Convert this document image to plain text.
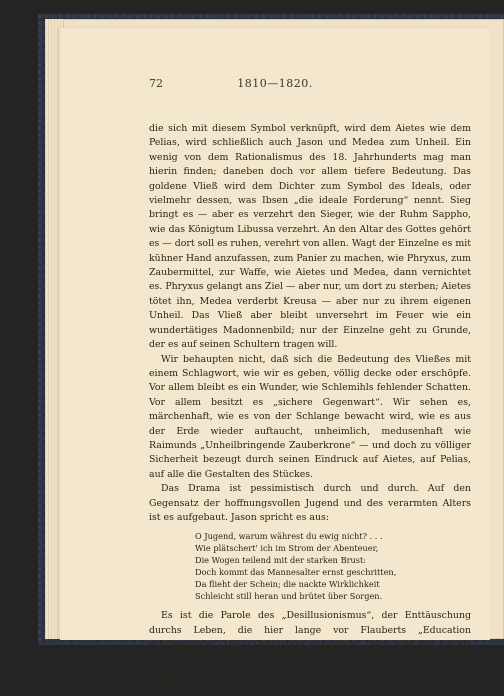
72	1810—1820.

die sich mit diesem Symbol verknüpft, wird dem Aietes wie dem Pelias, wird schließlich auch Jason und Medea zum Unheil. Ein wenig von dem Rationalismus des 18. Jahrhunderts mag man hierin finden; daneben doch vor allem tiefere Bedeutung. Das goldene Vließ wird dem Dichter zum Symbol des Ideals, oder vielmehr dessen, was Ibsen „die ideale Forderung“ nennt. Sieg bringt es — aber es verzehrt den Sieger, wie der Ruhm Sappho, wie das Königtum Libussa verzehrt. An den Altar des Gottes gehört es — dort soll es ruhen, verehrt von allen. Wagt der Einzelne es mit kühner Hand anzufassen, zum Panier zu machen, wie Phryxus, zum Zaubermittel, zur Waffe, wie Aietes und Medea, dann vernichtet es. Phryxus gelangt ans Ziel — aber nur, um dort zu sterben; Aietes tötet ihn, Medea verderbt Kreusa — aber nur zu ihrem eigenen Unheil. Das Vließ aber bleibt unversehrt im Feuer wie ein wundertätiges Madonnenbild; nur der Einzelne geht zu Grunde, der es auf seinen Schultern tragen will.

Wir behaupten nicht, daß sich die Bedeutung des Vließes mit einem Schlagwort, wie wir es geben, völlig decke oder erschöpfe. Vor allem bleibt es ein Wunder, wie Schlemihls fehlender Schatten. Vor allem besitzt es „sichere Gegenwart“. Wir sehen es, märchenhaft, wie es von der Schlange bewacht wird, wie es aus der Erde wieder auftaucht, unheimlich, medusenhaft wie Raimunds „Unheilbringende Zauberkrone“ — und doch zu völliger Sicherheit bezeugt durch seinen Eindruck auf Aietes, auf Pelias, auf alle die Gestalten des Stückes.

Das Drama ist pessimistisch durch und durch. Auf den Gegensatz der hoffnungsvollen Jugend und des verarmten Alters ist es aufgebaut. Jason spricht es aus:

O Jugend, warum währest du ewig nicht? . . .
Wie plätschert' ich im Strom der Abenteuer,
Die Wogen teilend mit der starken Brust:
Doch kommt das Mannesalter ernst geschritten,
Da flieht der Schein; die nackte Wirklichkeit
Schleicht still heran und brütet über Sorgen.

Es ist die Parole des „Desillusionismus“, der Enttäuschung durchs Leben, die hier lange vor Flauberts „Education sentimentale“ (1869) Grillparzer ausspricht. Jason tritt erst auf als der königliche Held, „des Wundervließes Held! ein Fürst! ein König! der Argonauten Führer, Jason ich!“ Und wir sehen ihn wieder
